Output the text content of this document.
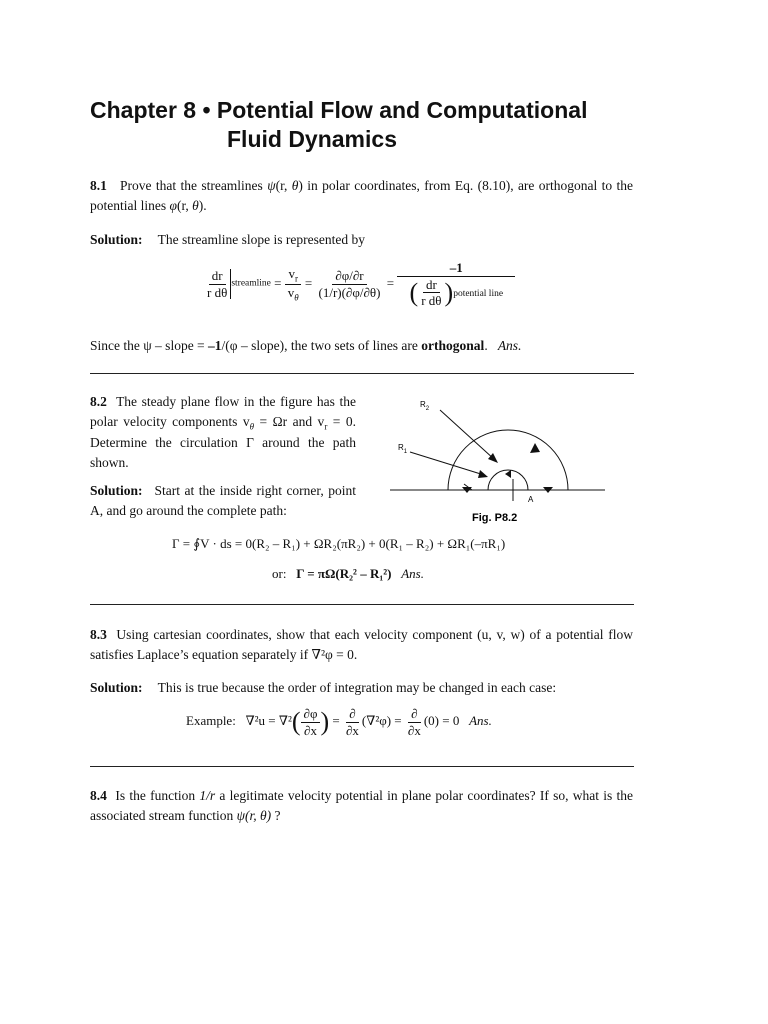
Chapter 8 • Potential Flow and Computational
Fluid Dynamics
8.1 Prove that the streamlines ψ(r, θ) in polar coordinates, from Eq. (8.10), are orthogonal to the potential lines φ(r, θ).
Solution: The streamline slope is represented by
$\frac{dr}{\text{r dθ}}$ streamline = $\frac{v_r}{v_\theta} = \frac{\partial\varphi/\partial r}{(1/r)(\partial\varphi/\partial\theta)} = \frac{-1}{( \frac{dr}{\text{r dθ}} )potential line}$
Since the ψ – slope = –1/(φ – slope), the two sets of lines are orthogonal. Ans.
8.2 The steady plane flow in the figure has the polar velocity components $v_\theta = \Omega r$ and $v_r = 0$. Determine the circulation Γ around the path shown.
Solution: Start at the inside right corner, point A, and go around the complete path:
$R_2$
$R_1$
A
Fig. P8.2
Γ = ∮V · ds = 0(R₂ – R₁) + ΩR₂(πR₂) + 0(R₁ – R₂) + ΩR₁(–πR₁)
or: Γ = πΩ(R₂² – R₁²) Ans.
8.3 Using cartesian coordinates, show that each velocity component (u, v, w) of a potential flow satisfies Laplace’s equation separately if ∇²φ = 0.
Solution: This is true because the order of integration may be changed in each case:
Example: $\nabla^2u = \nabla^2( \frac{\partial\varphi}{\partial x}$ ) = $\frac{\partial}{\partial x} (\nabla^2\varphi) = \frac{\partial}{\partial x} (0) = 0$ Ans.
8.4 Is the function 1/r a legitimate velocity potential in plane polar coordinates? If so, what is the associated stream function ψ(r, θ) ?
